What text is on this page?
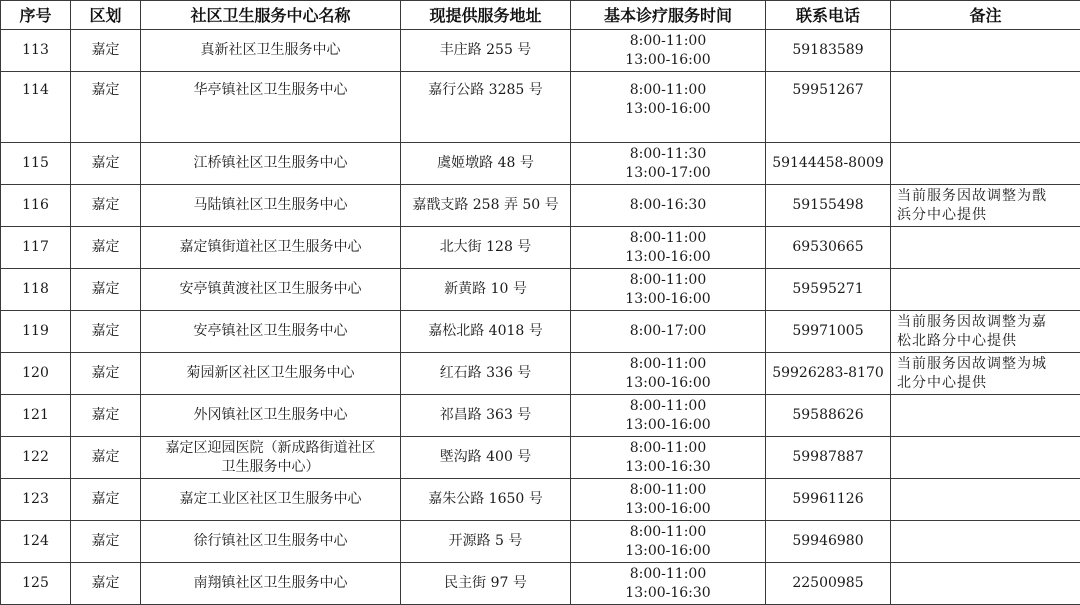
序号	区划	社区卫生服务中心名称	现提供服务地址	基本诊疗服务时间	联系电话	备注
113	嘉定	真新社区卫生服务中心	丰庄路 255 号	8:00-11:00
13:00-16:00	59183589	
114	嘉定	华亭镇社区卫生服务中心	嘉行公路 3285 号	8:00-11:00
13:00-16:00	59951267	
115	嘉定	江桥镇社区卫生服务中心	虞姬墩路 48 号	8:00-11:30
13:00-17:00	59144458-8009	
116	嘉定	马陆镇社区卫生服务中心	嘉戬支路 258 弄 50 号	8:00-16:30	59155498	当前服务因故调整为戬
浜分中心提供

117	嘉定	嘉定镇街道社区卫生服务中心	北大街 128 号	8:00-11:00
13:00-16:00	69530665	
118	嘉定	安亭镇黄渡社区卫生服务中心	新黄路 10 号	8:00-11:00
13:00-16:00	59595271	
119	嘉定	安亭镇社区卫生服务中心	嘉松北路 4018 号	8:00-17:00	59971005	当前服务因故调整为嘉
松北路分中心提供

120	嘉定	菊园新区社区卫生服务中心	红石路 336 号	8:00-11:00
13:00-16:00	59926283-8170	当前服务因故调整为城
北分中心提供

121	嘉定	外冈镇社区卫生服务中心	祁昌路 363 号	8:00-11:00
13:00-16:00	59588626	
122	嘉定	嘉定区迎园医院（新成路街道社区
卫生服务中心）	塈沟路 400 号	8:00-11:00
13:00-16:30	59987887	
123	嘉定	嘉定工业区社区卫生服务中心	嘉朱公路 1650 号	8:00-11:00
13:00-16:00	59961126	
124	嘉定	徐行镇社区卫生服务中心	开源路 5 号	8:00-11:00
13:00-16:00	59946980	
125	嘉定	南翔镇社区卫生服务中心	民主街 97 号	8:00-11:00
13:00-16:30	22500985	
